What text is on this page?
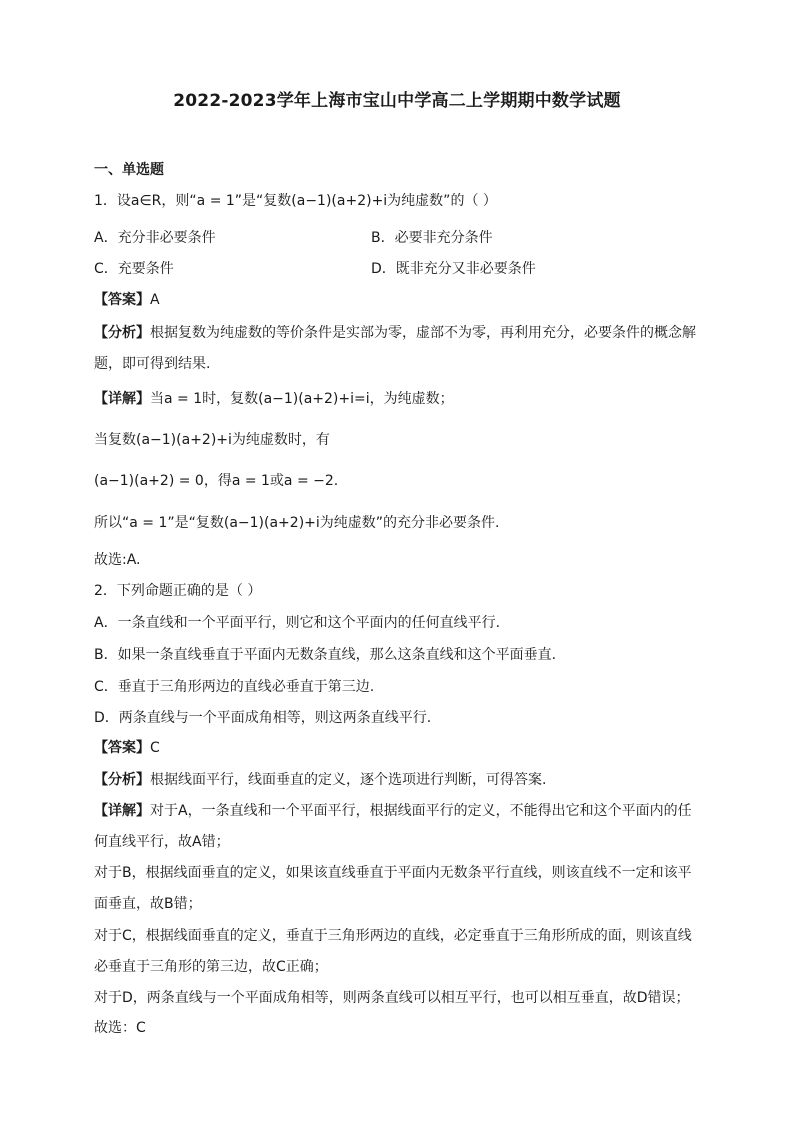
2022-2023学年上海市宝山中学高二上学期期中数学试题
一、单选题
1．设a∈R，则“a = 1”是“复数(a−1)(a+2)+i为纯虚数”的（ ）
A．充分非必要条件	B．必要非充分条件
C．充要条件	D．既非充分又非必要条件
【答案】A
【分析】根据复数为纯虚数的等价条件是实部为零，虚部不为零，再利用充分，必要条件的概念解
题，即可得到结果.
【详解】当a = 1时，复数(a−1)(a+2)+i=i，为纯虚数；
当复数(a−1)(a+2)+i为纯虚数时，有
(a−1)(a+2) = 0，得a = 1或a = −2.
所以“a = 1”是“复数(a−1)(a+2)+i为纯虚数”的充分非必要条件.
故选:A.
2．下列命题正确的是（ ）
A．一条直线和一个平面平行，则它和这个平面内的任何直线平行.
B．如果一条直线垂直于平面内无数条直线，那么这条直线和这个平面垂直.
C．垂直于三角形两边的直线必垂直于第三边.
D．两条直线与一个平面成角相等，则这两条直线平行.
【答案】C
【分析】根据线面平行，线面垂直的定义，逐个选项进行判断，可得答案.
【详解】对于A，一条直线和一个平面平行，根据线面平行的定义，不能得出它和这个平面内的任
何直线平行，故A错；
对于B，根据线面垂直的定义，如果该直线垂直于平面内无数条平行直线，则该直线不一定和该平
面垂直，故B错；
对于C，根据线面垂直的定义，垂直于三角形两边的直线，必定垂直于三角形所成的面，则该直线
必垂直于三角形的第三边，故C正确；
对于D，两条直线与一个平面成角相等，则两条直线可以相互平行，也可以相互垂直，故D错误；
故选：C
